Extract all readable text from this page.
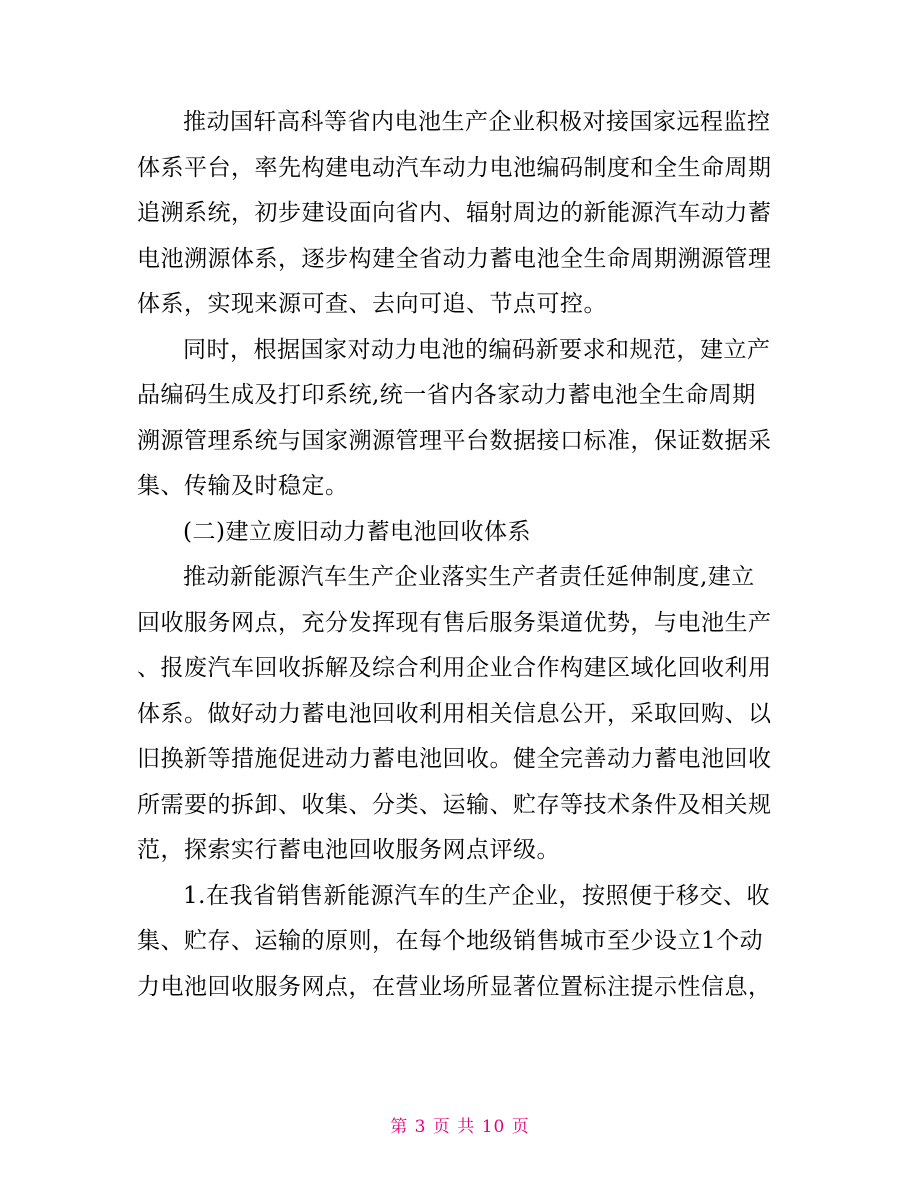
推动国轩高科等省内电池生产企业积极对接国家远程监控
体系平台，率先构建电动汽车动力电池编码制度和全生命周期
追溯系统，初步建设面向省内、辐射周边的新能源汽车动力蓄
电池溯源体系，逐步构建全省动力蓄电池全生命周期溯源管理
体系，实现来源可查、去向可追、节点可控。

同时，根据国家对动力电池的编码新要求和规范，建立产
品编码生成及打印系统,统一省内各家动力蓄电池全生命周期
溯源管理系统与国家溯源管理平台数据接口标准，保证数据采
集、传输及时稳定。

(二)建立废旧动力蓄电池回收体系

推动新能源汽车生产企业落实生产者责任延伸制度,建立
回收服务网点，充分发挥现有售后服务渠道优势，与电池生产
、报废汽车回收拆解及综合利用企业合作构建区域化回收利用
体系。做好动力蓄电池回收利用相关信息公开，采取回购、以
旧换新等措施促进动力蓄电池回收。健全完善动力蓄电池回收
所需要的拆卸、收集、分类、运输、贮存等技术条件及相关规
范，探索实行蓄电池回收服务网点评级。

1.在我省销售新能源汽车的生产企业，按照便于移交、收
集、贮存、运输的原则，在每个地级销售城市至少设立1个动
力电池回收服务网点，在营业场所显著位置标注提示性信息，

第 3 页 共 10 页
